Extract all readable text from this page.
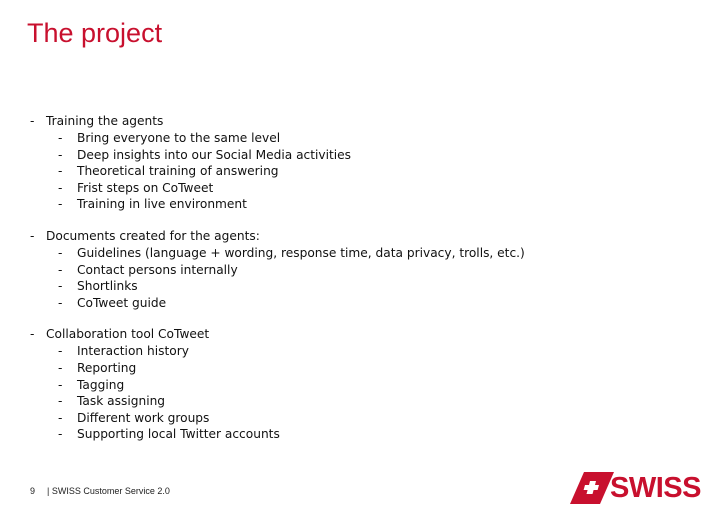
The project
- Training the agents
- Bring everyone to the same level
- Deep insights into our Social Media activities
- Theoretical training of answering
- Frist steps on CoTweet
- Training in live environment
- Documents created for the agents:
- Guidelines (language + wording, response time, data privacy, trolls, etc.)
- Contact persons internally
- Shortlinks
- CoTweet guide
- Collaboration tool CoTweet
- Interaction history
- Reporting
- Tagging
- Task assigning
- Different work groups
- Supporting local Twitter accounts
9 | SWISS Customer Service 2.0	SWISS
